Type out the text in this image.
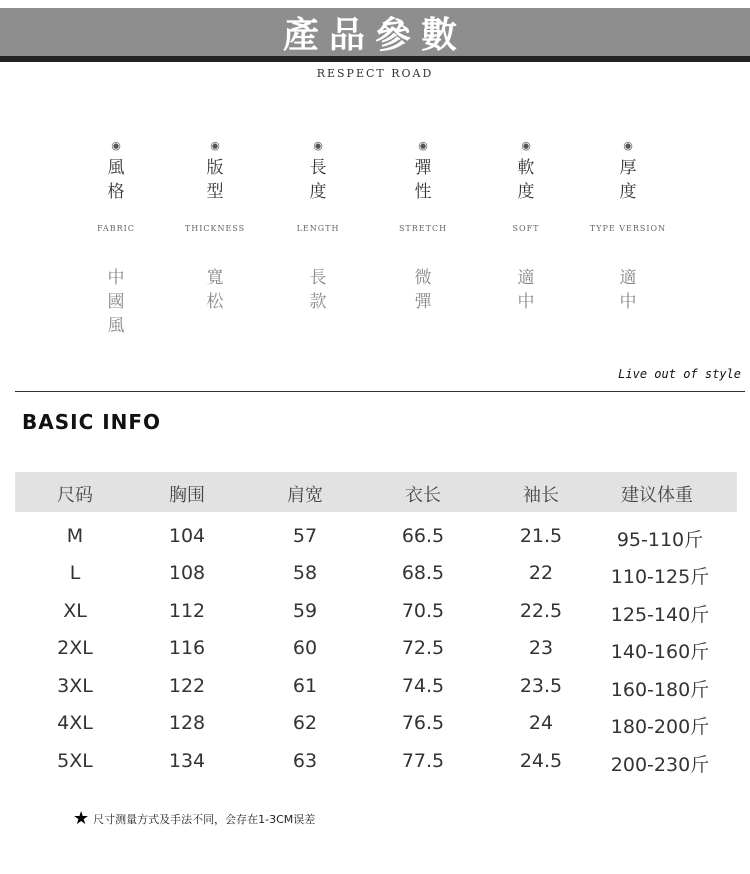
產品參數
RESPECT ROAD
◉
風格
FABRIC
中國風
◉
版型
THICKNESS
寬松
◉
長度
LENGTH
長款
◉
彈性
STRETCH
微彈
◉
軟度
SOFT
適中
◉
厚度
TYPE VERSION
適中
Live out of style
BASIC INFO
尺码	胸围	肩宽	衣长	袖长	建议体重
M	104	57	66.5	21.5	95-110斤
L	108	58	68.5	22	110-125斤
XL	112	59	70.5	22.5	125-140斤
2XL	116	60	72.5	23	140-160斤
3XL	122	61	74.5	23.5	160-180斤
4XL	128	62	76.5	24	180-200斤
5XL	134	63	77.5	24.5	200-230斤
★ 尺寸测量方式及手法不同，会存在1-3CM误差
